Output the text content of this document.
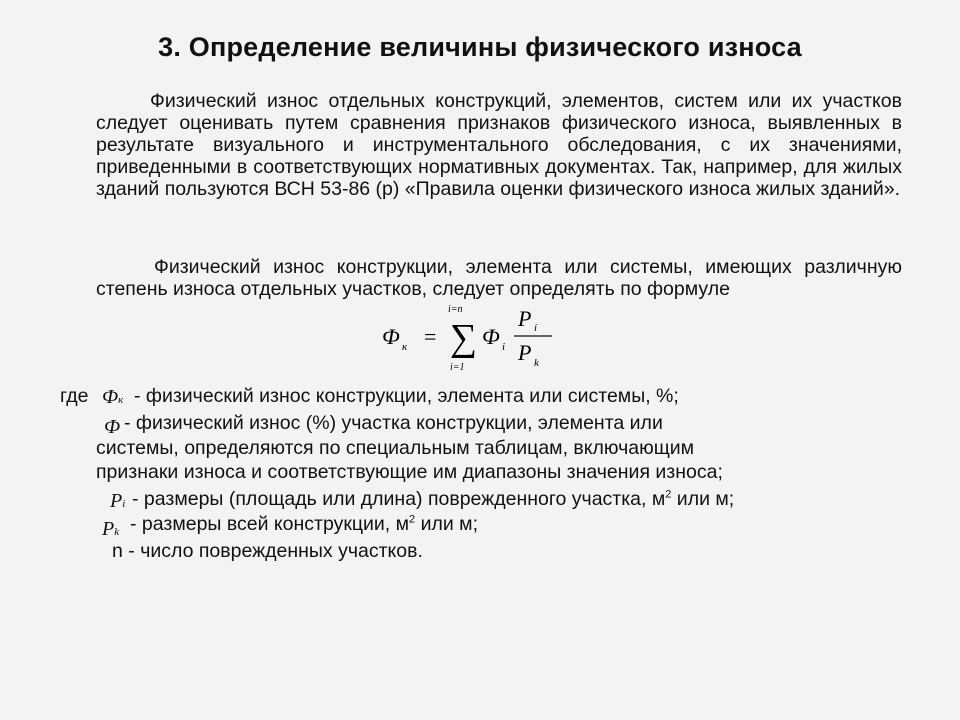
3. Определение величины физического износа
Физический износ отдельных конструкций, элементов, систем или их участков следует оценивать путем сравнения признаков физического износа, выявленных в результате визуального и инструментального обследования, с их значениями, приведенными в соответствующих нормативных документах. Так, например, для жилых зданий пользуются ВСН 53-86 (р) «Правила оценки физического износа жилых зданий».
Физический износ конструкции, элемента или системы, имеющих различную степень износа отдельных участков, следует определять по формуле
Ф к =
i=n
∑
i=1
Ф i
P i
P k
где Фк - физический износ конструкции, элемента или системы, %;
Ф - физический износ (%) участка конструкции, элемента или
системы, определяются по специальным таблицам, включающим
признаки износа и соответствующие им диапазоны значения износа;
Pi - размеры (площадь или длина) поврежденного участка, $м^2$ или м;
Pk - размеры всей конструкции, $м^2$ или м;
n - число поврежденных участков.
